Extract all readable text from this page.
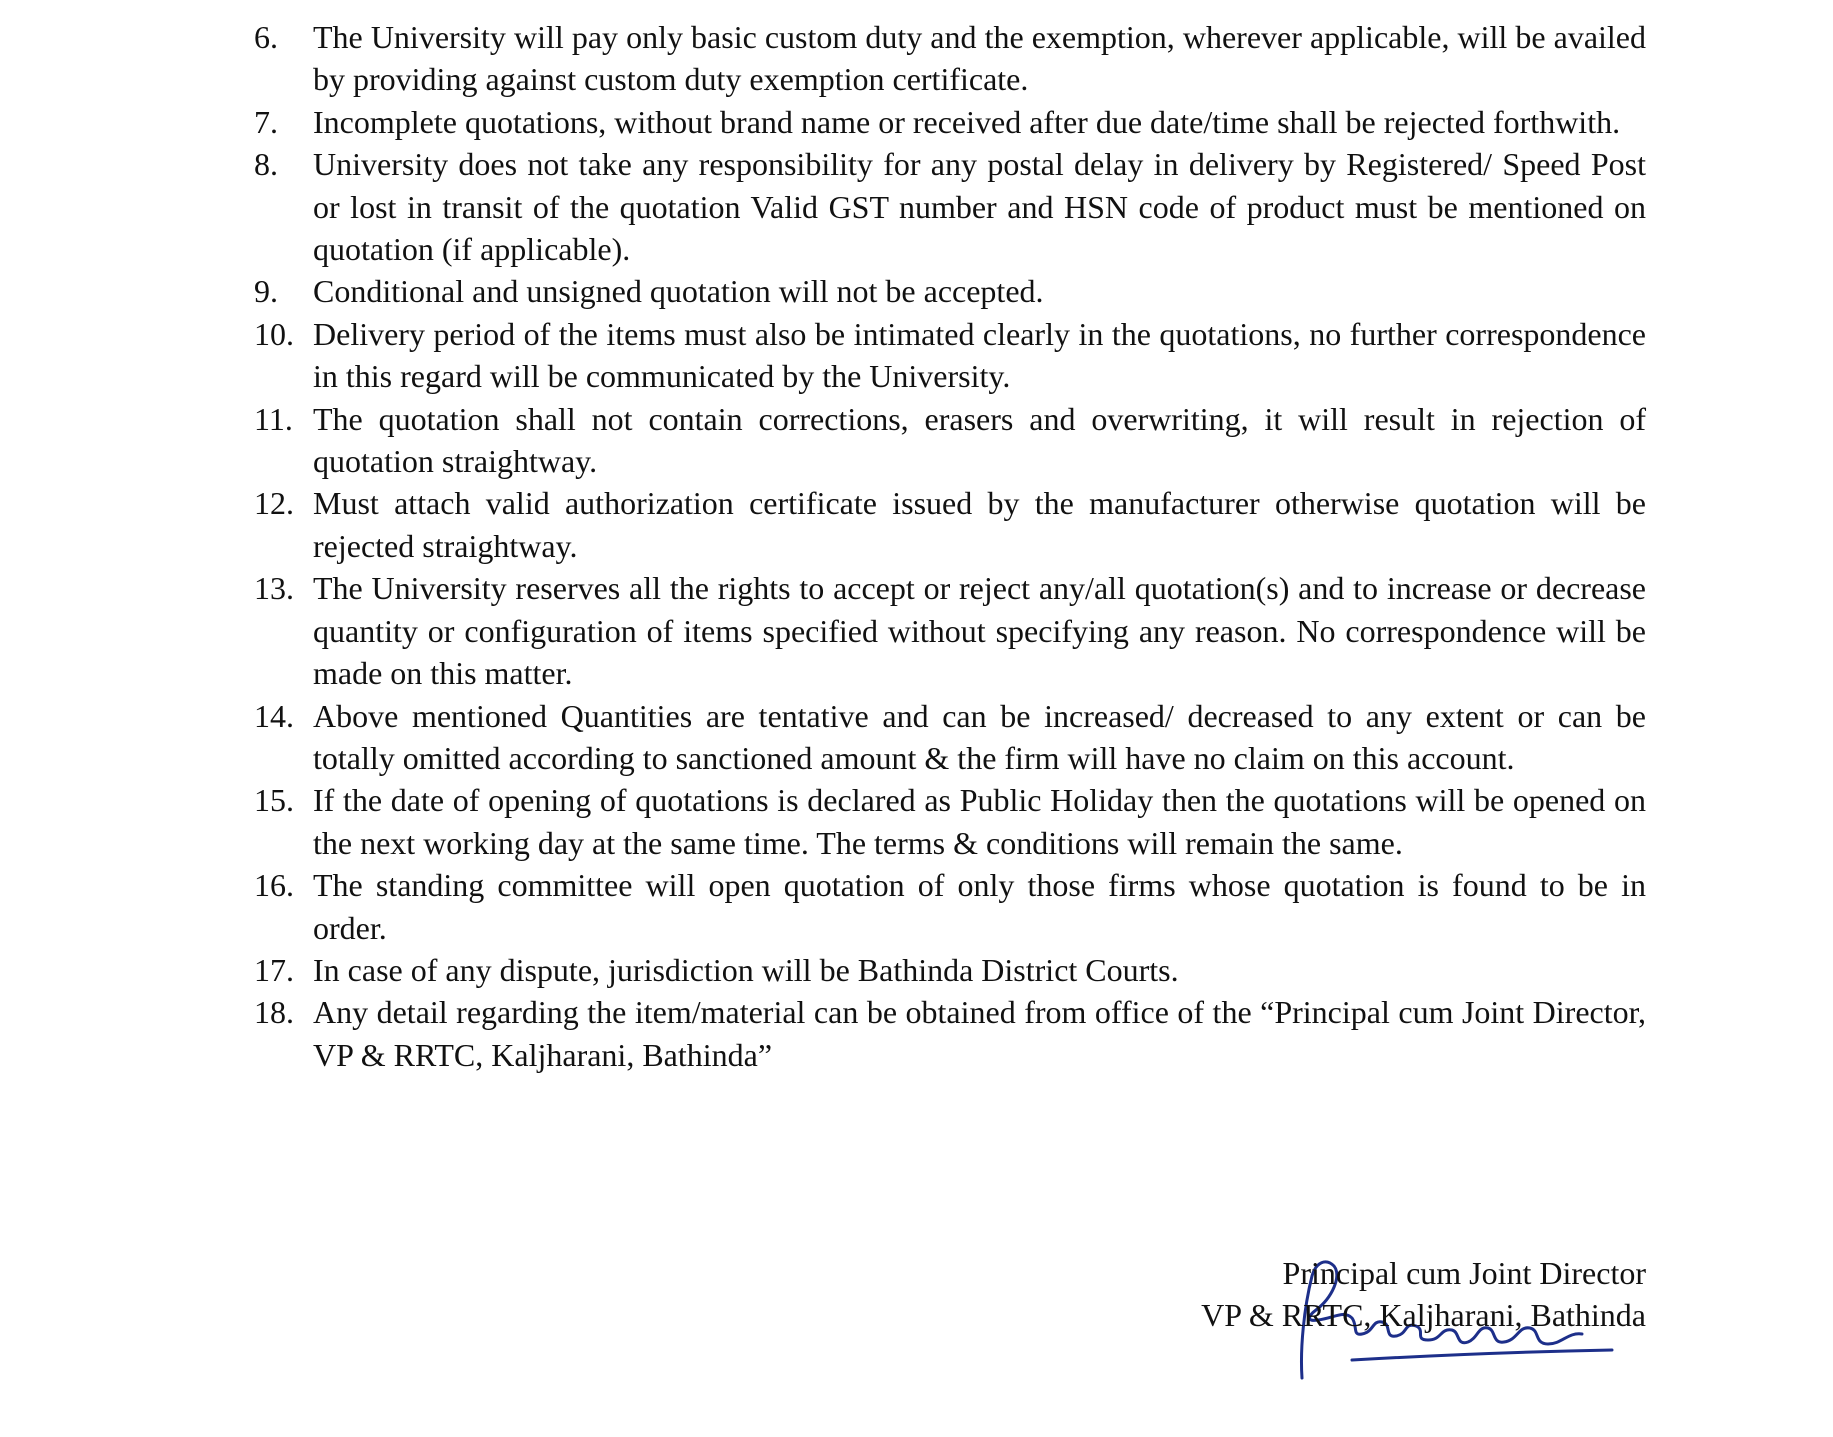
6. The University will pay only basic custom duty and the exemption, wherever applicable, will be availed by providing against custom duty exemption certificate.
7. Incomplete quotations, without brand name or received after due date/time shall be rejected forthwith.
8. University does not take any responsibility for any postal delay in delivery by Registered/ Speed Post or lost in transit of the quotation Valid GST number and HSN code of product must be mentioned on quotation (if applicable).
9. Conditional and unsigned quotation will not be accepted.
10. Delivery period of the items must also be intimated clearly in the quotations, no further correspondence in this regard will be communicated by the University.
11. The quotation shall not contain corrections, erasers and overwriting, it will result in rejection of quotation straightway.
12. Must attach valid authorization certificate issued by the manufacturer otherwise quotation will be rejected straightway.
13. The University reserves all the rights to accept or reject any/all quotation(s) and to increase or decrease quantity or configuration of items specified without specifying any reason. No correspondence will be made on this matter.
14. Above mentioned Quantities are tentative and can be increased/ decreased to any extent or can be totally omitted according to sanctioned amount & the firm will have no claim on this account.
15. If the date of opening of quotations is declared as Public Holiday then the quotations will be opened on the next working day at the same time. The terms & conditions will remain the same.
16. The standing committee will open quotation of only those firms whose quotation is found to be in order.
17. In case of any dispute, jurisdiction will be Bathinda District Courts.
18. Any detail regarding the item/material can be obtained from office of the “Principal cum Joint Director, VP & RRTC, Kaljharani, Bathinda”
Principal cum Joint Director
VP & RRTC, Kaljharani, Bathinda
